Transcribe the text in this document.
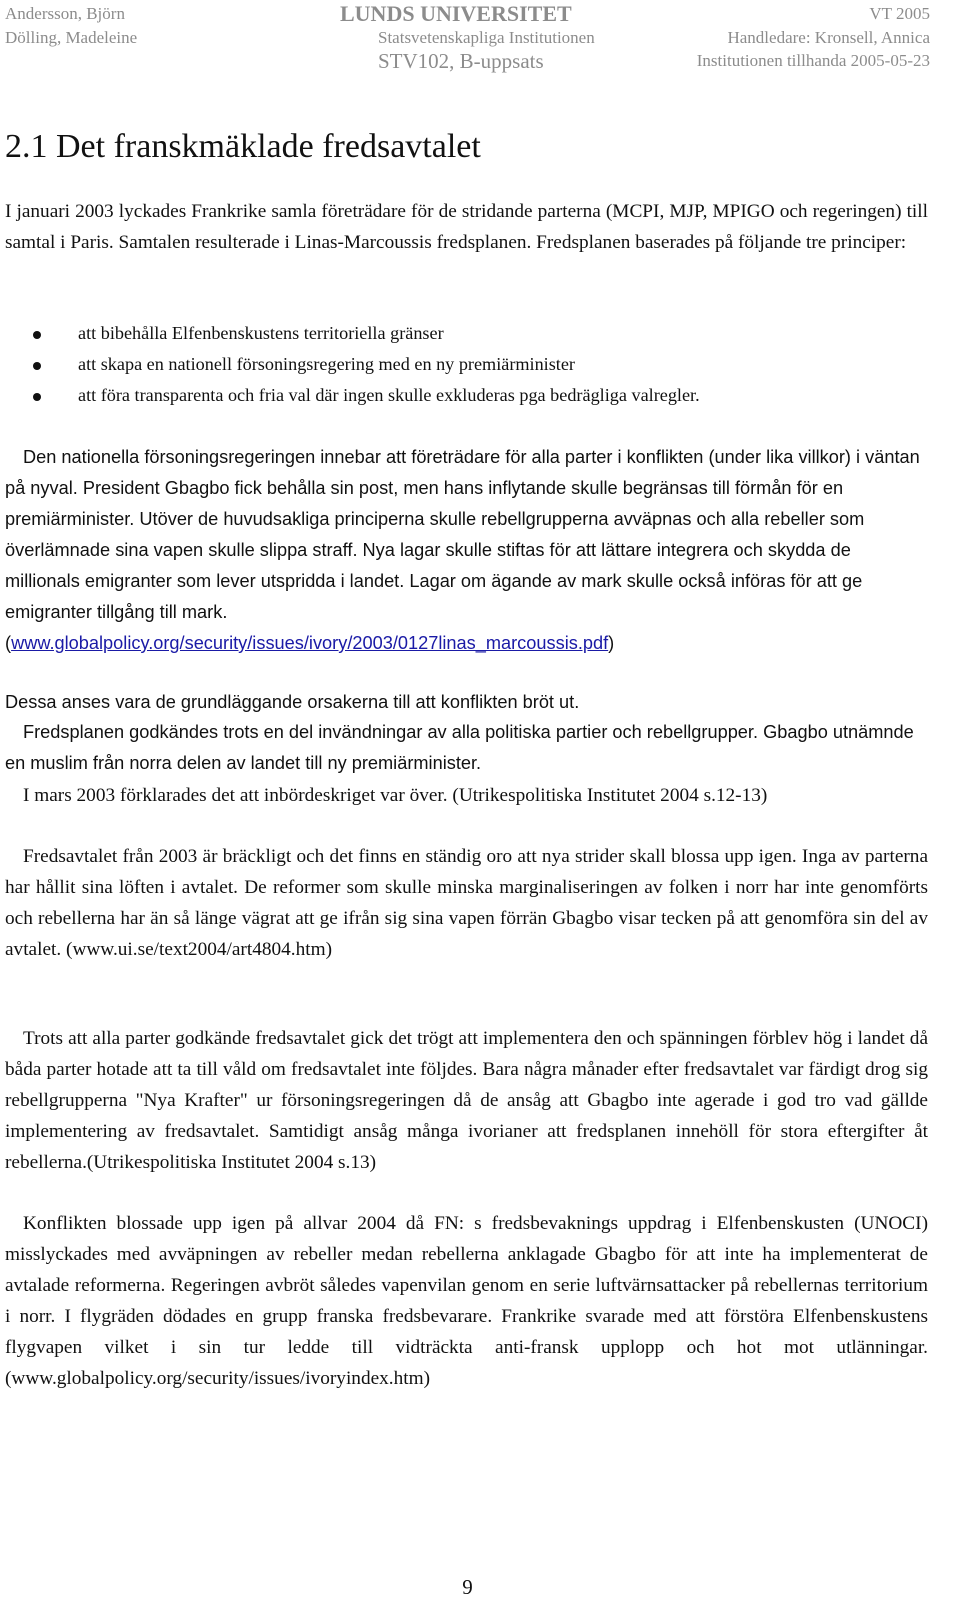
Andersson, Björn
Dölling, Madeleine
LUNDS UNIVERSITET
Statsvetenskapliga Institutionen
STV102, B-uppsats
VT 2005
Handledare: Kronsell, Annica
Institutionen tillhanda 2005-05-23
2.1 Det franskmäklade fredsavtalet

I januari 2003 lyckades Frankrike samla företrädare för de stridande parterna (MCPI, MJP, MPIGO och regeringen) till samtal i Paris. Samtalen resulterade i Linas-Marcoussis fredsplanen. Fredsplanen baserades på följande tre principer:

att bibehålla Elfenbenskustens territoriella gränser
att skapa en nationell försoningsregering med en ny premiärminister
att föra transparenta och fria val där ingen skulle exkluderas pga bedrägliga valregler.

Den nationella försoningsregeringen innebar att företrädare för alla parter i konflikten (under lika villkor) i väntan på nyval. President Gbagbo fick behålla sin post, men hans inflytande skulle begränsas till förmån för en premiärminister. Utöver de huvudsakliga principerna skulle rebellgrupperna avväpnas och alla rebeller som överlämnade sina vapen skulle slippa straff. Nya lagar skulle stiftas för att lättare integrera och skydda de millionals emigranter som lever utspridda i landet. Lagar om ägande av mark skulle också införas för att ge emigranter tillgång till mark.
(www.globalpolicy.org/security/issues/ivory/2003/0127linas_marcoussis.pdf)

Dessa anses vara de grundläggande orsakerna till att konflikten bröt ut.

Fredsplanen godkändes trots en del invändningar av alla politiska partier och rebellgrupper. Gbagbo utnämnde en muslim från norra delen av landet till ny premiärminister.

I mars 2003 förklarades det att inbördeskriget var över. (Utrikespolitiska Institutet 2004 s.12-13)

Fredsavtalet från 2003 är bräckligt och det finns en ständig oro att nya strider skall blossa upp igen. Inga av parterna har hållit sina löften i avtalet. De reformer som skulle minska marginaliseringen av folken i norr har inte genomförts och rebellerna har än så länge vägrat att ge ifrån sig sina vapen förrän Gbagbo visar tecken på att genomföra sin del av avtalet. (www.ui.se/text2004/art4804.htm)

Trots att alla parter godkände fredsavtalet gick det trögt att implementera den och spänningen förblev hög i landet då båda parter hotade att ta till våld om fredsavtalet inte följdes. Bara några månader efter fredsavtalet var färdigt drog sig rebellgrupperna "Nya Krafter" ur försoningsregeringen då de ansåg att Gbagbo inte agerade i god tro vad gällde implementering av fredsavtalet. Samtidigt ansåg många ivorianer att fredsplanen innehöll för stora eftergifter åt rebellerna.(Utrikespolitiska Institutet 2004 s.13)

Konflikten blossade upp igen på allvar 2004 då FN: s fredsbevaknings uppdrag i Elfenbenskusten (UNOCI) misslyckades med avväpningen av rebeller medan rebellerna anklagade Gbagbo för att inte ha implementerat de avtalade reformerna. Regeringen avbröt således vapenvilan genom en serie luftvärnsattacker på rebellernas territorium i norr. I flygräden dödades en grupp franska fredsbevarare. Frankrike svarade med att förstöra Elfenbenskustens flygvapen vilket i sin tur ledde till vidträckta anti-fransk upplopp och hot mot utlänningar.(www.globalpolicy.org/security/issues/ivoryindex.htm)

9
